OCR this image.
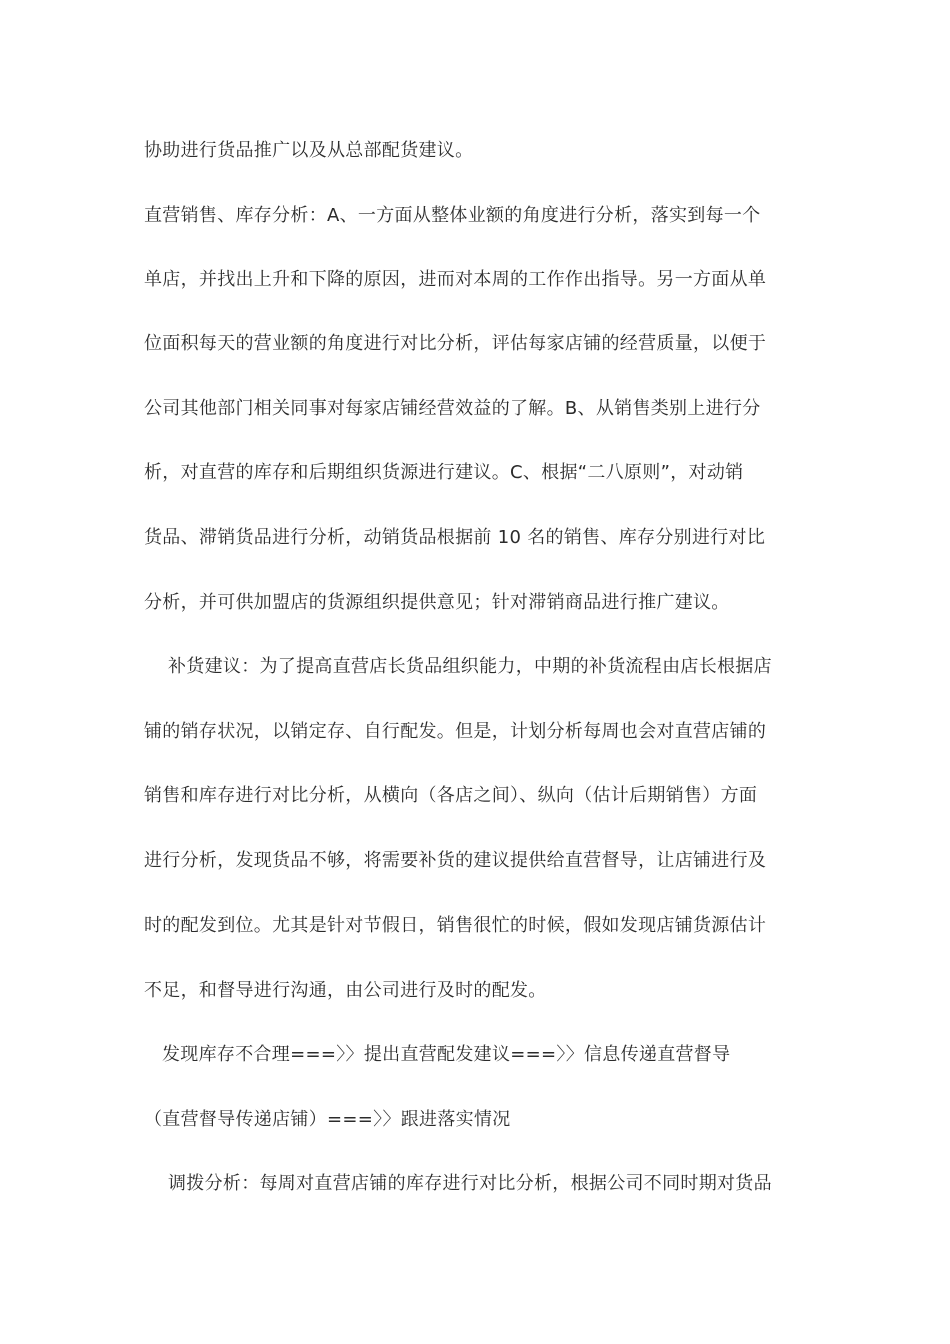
协助进行货品推广以及从总部配货建议。
直营销售、库存分析：A、一方面从整体业额的角度进行分析，落实到每一个
单店，并找出上升和下降的原因，进而对本周的工作作出指导。另一方面从单
位面积每天的营业额的角度进行对比分析，评估每家店铺的经营质量，以便于
公司其他部门相关同事对每家店铺经营效益的了解。B、从销售类别上进行分
析，对直营的库存和后期组织货源进行建议。C、根据“二八原则”，对动销
货品、滞销货品进行分析，动销货品根据前 10 名的销售、库存分别进行对比
分析，并可供加盟店的货源组织提供意见；针对滞销商品进行推广建议。
补货建议：为了提高直营店长货品组织能力，中期的补货流程由店长根据店
铺的销存状况，以销定存、自行配发。但是，计划分析每周也会对直营店铺的
销售和库存进行对比分析，从横向（各店之间）、纵向（估计后期销售）方面
进行分析，发现货品不够，将需要补货的建议提供给直营督导，让店铺进行及
时的配发到位。尤其是针对节假日，销售很忙的时候，假如发现店铺货源估计
不足，和督导进行沟通，由公司进行及时的配发。
发现库存不合理===〉〉提出直营配发建议===〉〉信息传递直营督导
（直营督导传递店铺）===〉〉跟进落实情况
调拨分析：每周对直营店铺的库存进行对比分析，根据公司不同时期对货品
